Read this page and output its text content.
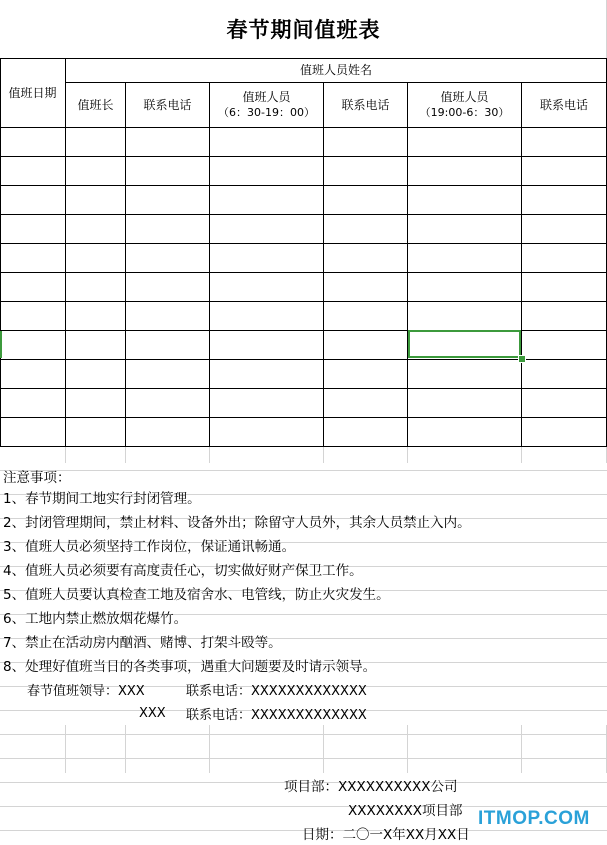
春节期间值班表
值班日期
值班人员姓名
值班长 联系电话
值班人员
（6：30-19：00）
联系电话
值班人员
（19:00-6：30）
联系电话
注意事项：
1、春节期间工地实行封闭管理。
2、封闭管理期间，禁止材料、设备外出；除留守人员外，其余人员禁止入内。
3、值班人员必须坚持工作岗位，保证通讯畅通。
4、值班人员必须要有高度责任心，切实做好财产保卫工作。
5、值班人员要认真检查工地及宿舍水、电管线，防止火灾发生。
6、工地内禁止燃放烟花爆竹。
7、禁止在活动房内酗酒、赌博、打架斗殴等。
8、处理好值班当日的各类事项，遇重大问题要及时请示领导。
春节值班领导：XXX	联系电话：XXXXXXXXXXXXX
XXX 联系电话：XXXXXXXXXXXXX
项目部：XXXXXXXXXX公司
XXXXXXXX项目部
日期：二〇一X年XX月XX日
ITMOP.COM
